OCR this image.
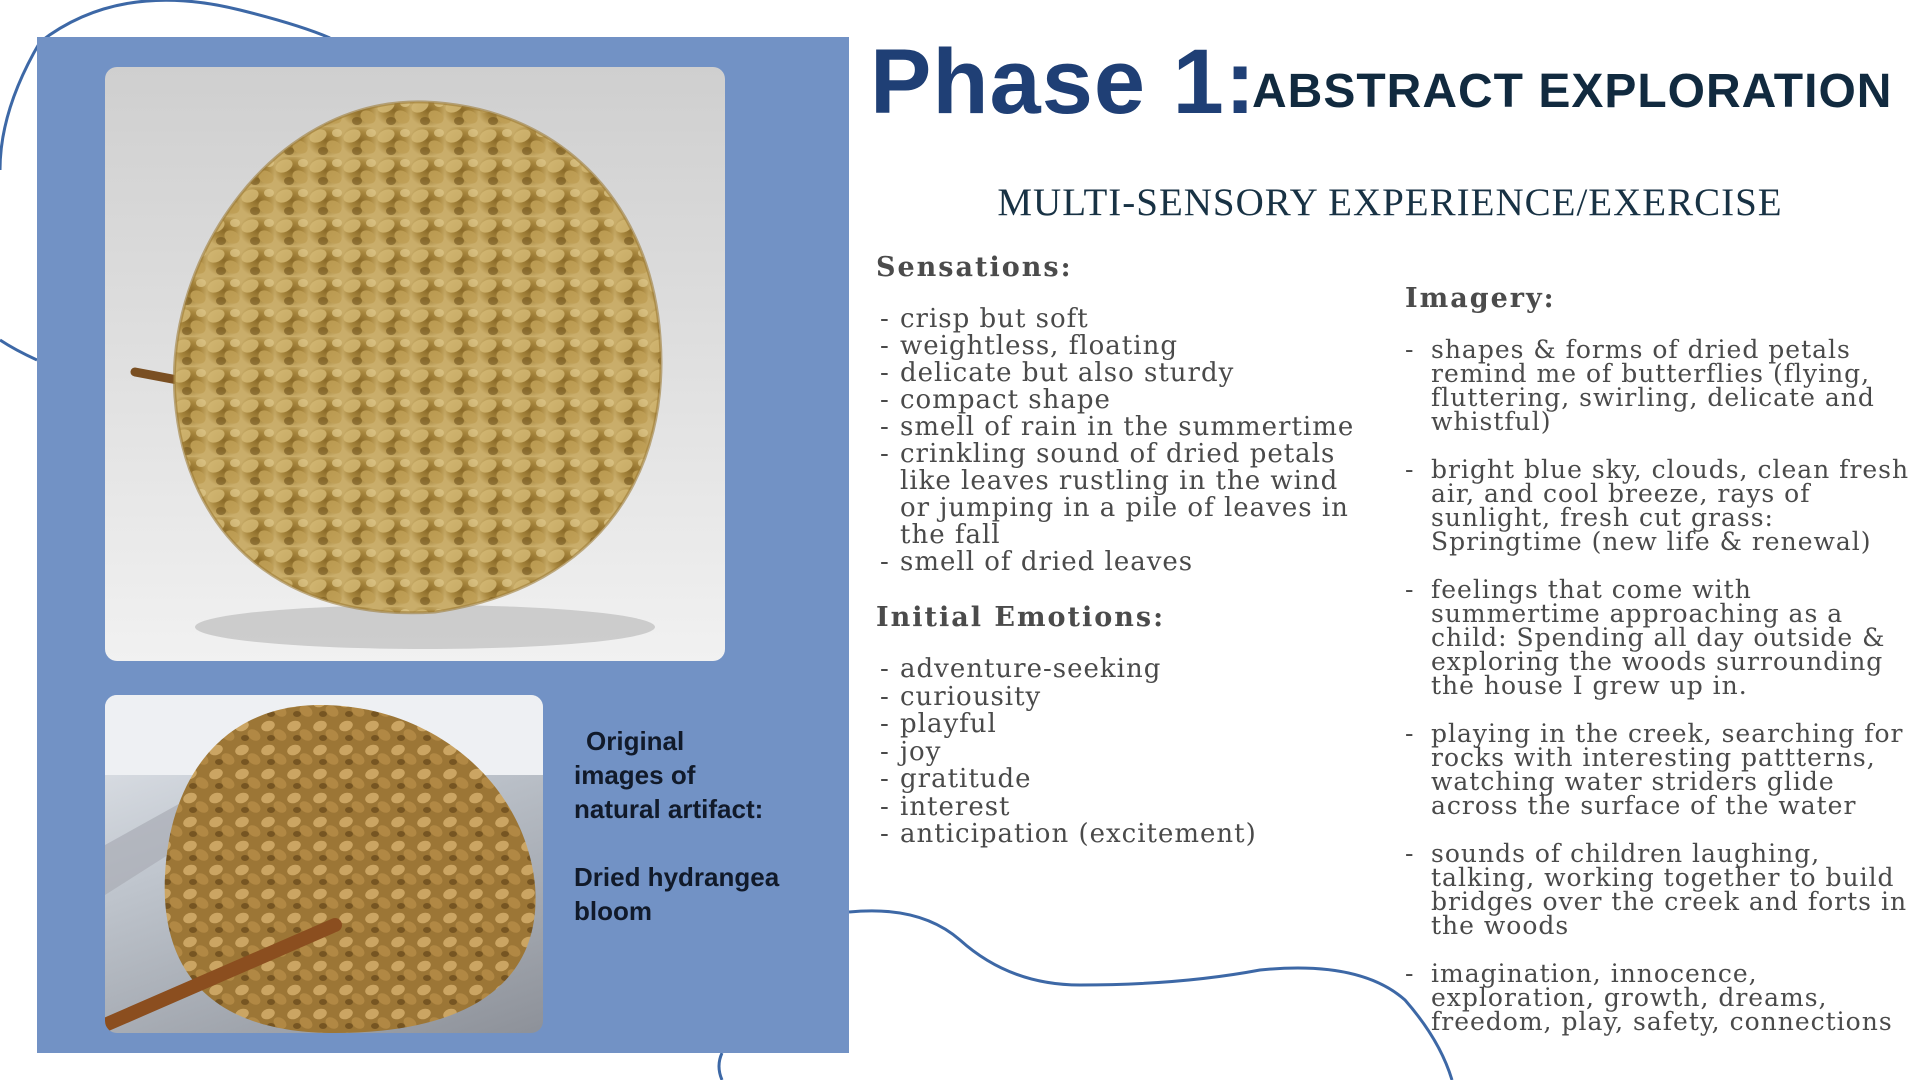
Original
images of
natural artifact:
Dried hydrangea
bloom
Phase 1:
ABSTRACT EXPLORATION
MULTI-SENSORY EXPERIENCE/EXERCISE
Sensations:
- crisp but soft
- weightless, floating
- delicate but also sturdy
- compact shape
- smell of rain in the summertime
- crinkling sound of dried petals like leaves rustling in the wind or jumping in a pile of leaves in the fall
- smell of dried leaves
Initial Emotions:
- adventure-seeking
- curiousity
- playful
- joy
- gratitude
- interest
- anticipation (excitement)
Imagery:
- shapes & forms of dried petals remind me of butterflies (flying, fluttering, swirling, delicate and whistful)
- bright blue sky, clouds, clean fresh air, and cool breeze, rays of sunlight, fresh cut grass: Springtime (new life & renewal)
- feelings that come with summertime approaching as a child: Spending all day outside & exploring the woods surrounding the house I grew up in.
- playing in the creek, searching for rocks with interesting pattterns, watching water striders glide across the surface of the water
- sounds of children laughing, talking, working together to build bridges over the creek and forts in the woods
- imagination, innocence, exploration, growth, dreams, freedom, play, safety, connections
